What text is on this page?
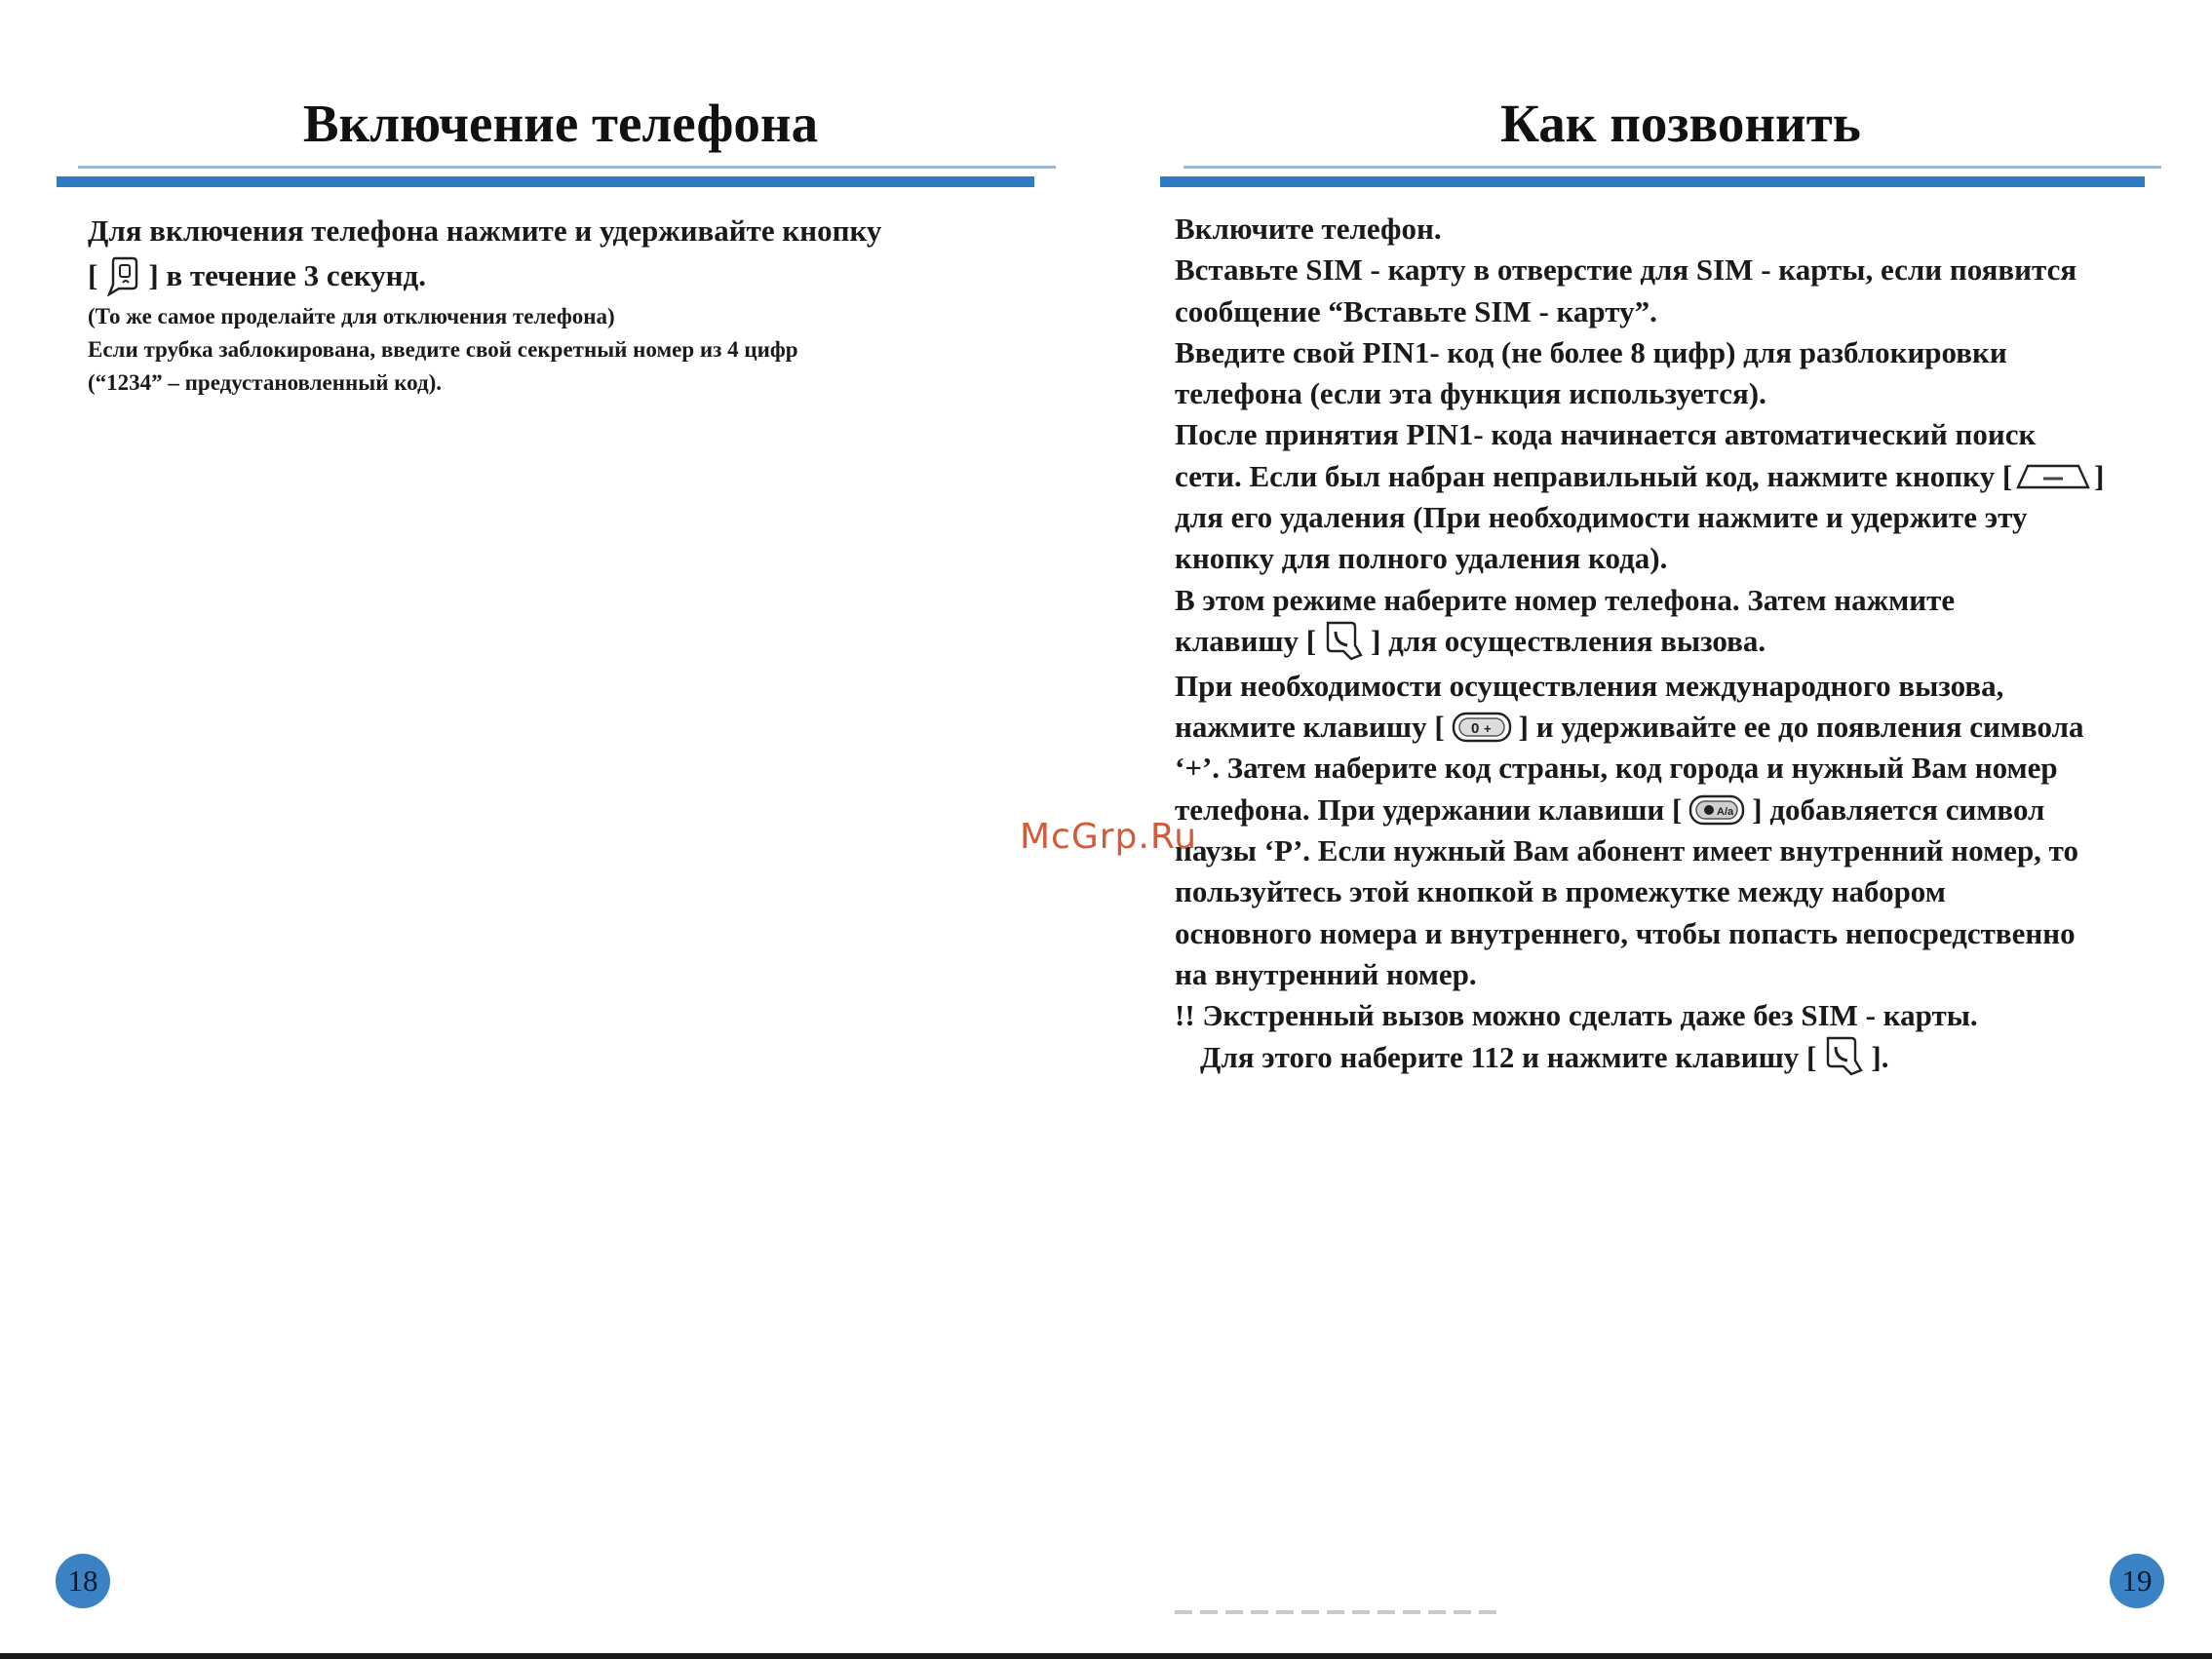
Включение телефона
Для включения телефона нажмите и удерживайте кнопку
[ ] в течение 3 секунд.
(То же самое проделайте для отключения телефона)
Если трубка заблокирована, введите свой секретный номер из 4 цифр
(“1234” – предустановленный код).
18
Как позвонить
Включите телефон.
Вставьте SIM - карту в отверстие для SIM - карты, если появится
сообщение “Вставьте SIM - карту”.
Введите свой PIN1- код (не более 8 цифр) для разблокировки
телефона (если эта функция используется).
После принятия PIN1- кода начинается автоматический поиск
сети. Если был набран неправильный код, нажмите кнопку [	]
для его удаления (При необходимости нажмите и удержите эту
кнопку для полного удаления кода).
В этом режиме наберите номер телефона. Затем нажмите
клавишу [ ] для осуществления вызова.
При необходимости осуществления международного вызова,
нажмите клавишу [ 0 + ] и удерживайте ее до появления символа
‘+’. Затем наберите код страны, код города и нужный Вам номер
телефона. При удержании клавиши [	A/a ] добавляется символ
паузы ‘P’. Если нужный Вам абонент имеет внутренний номер, то
пользуйтесь этой кнопкой в промежутке между набором
основного номера и внутреннего, чтобы попасть непосредственно
на внутренний номер.
!! Экстренный вызов можно сделать даже без SIM - карты.
Для этого наберите 112 и нажмите клавишу [ ].
19
McGrp.Ru
